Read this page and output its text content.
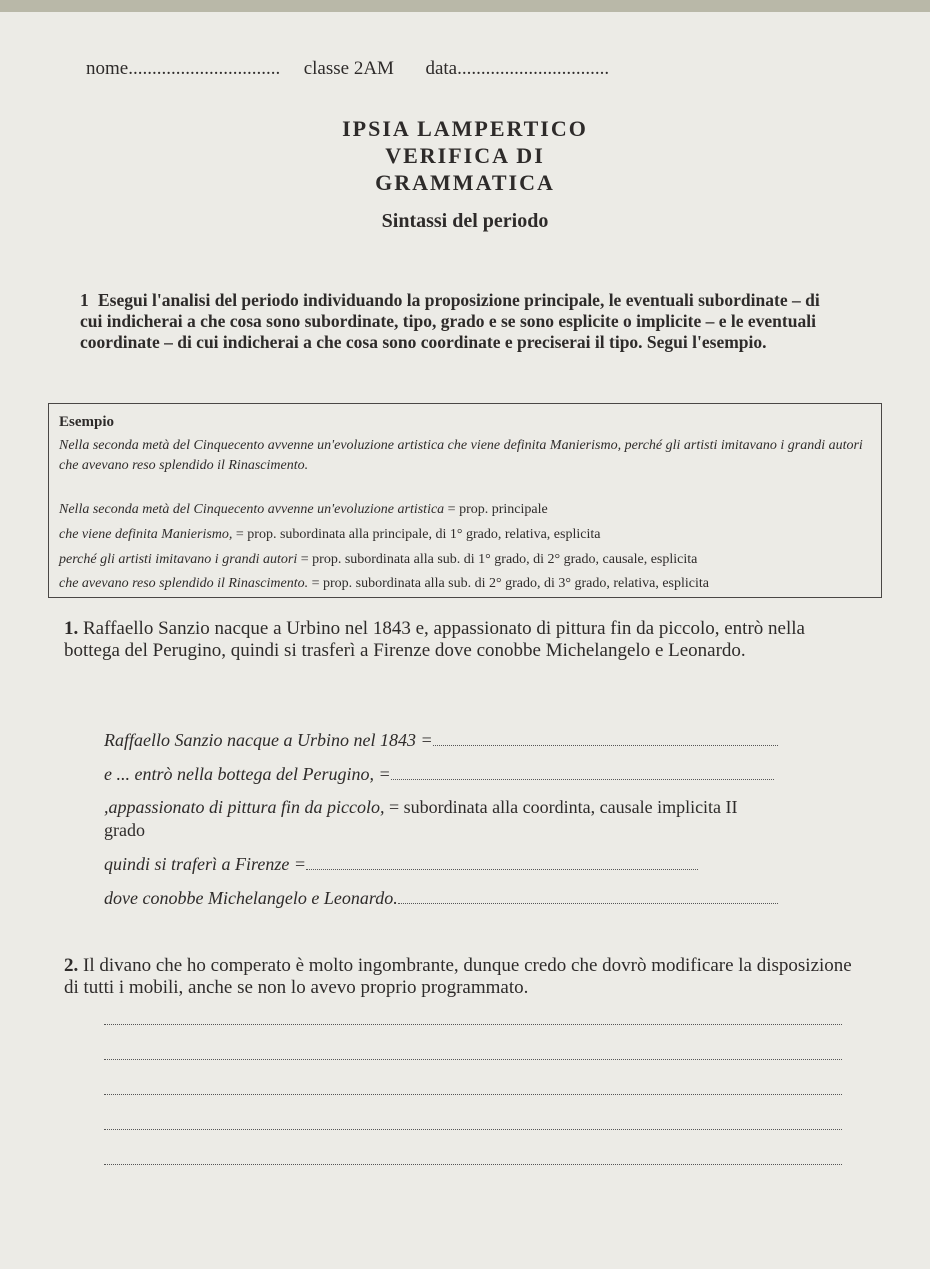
nome................................ classe 2AM data................................
IPSIA LAMPERTICO
VERIFICA DI
GRAMMATICA
Sintassi del periodo
1 Esegui l'analisi del periodo individuando la proposizione principale, le eventuali subordinate – di cui indicherai a che cosa sono subordinate, tipo, grado e se sono esplicite o implicite – e le eventuali coordinate – di cui indicherai a che cosa sono coordinate e preciserai il tipo. Segui l'esempio.
Esempio
Nella seconda metà del Cinquecento avvenne un'evoluzione artistica che viene definita Manierismo, perché gli artisti imitavano i grandi autori che avevano reso splendido il Rinascimento.
Nella seconda metà del Cinquecento avvenne un'evoluzione artistica = prop. principale
che viene definita Manierismo, = prop. subordinata alla principale, di 1° grado, relativa, esplicita
perché gli artisti imitavano i grandi autori = prop. subordinata alla sub. di 1° grado, di 2° grado, causale, esplicita
che avevano reso splendido il Rinascimento. = prop. subordinata alla sub. di 2° grado, di 3° grado, relativa, esplicita
1. Raffaello Sanzio nacque a Urbino nel 1843 e, appassionato di pittura fin da piccolo, entrò nella bottega del Perugino, quindi si trasferì a Firenze dove conobbe Michelangelo e Leonardo.
Raffaello Sanzio nacque a Urbino nel 1843 =
e ... entrò nella bottega del Perugino, =
,appassionato di pittura fin da piccolo, = subordinata alla coordinta, causale implicita II
grado
quindi si traferì a Firenze =
dove conobbe Michelangelo e Leonardo.
2. Il divano che ho comperato è molto ingombrante, dunque credo che dovrò modificare la disposizione di tutti i mobili, anche se non lo avevo proprio programmato.
